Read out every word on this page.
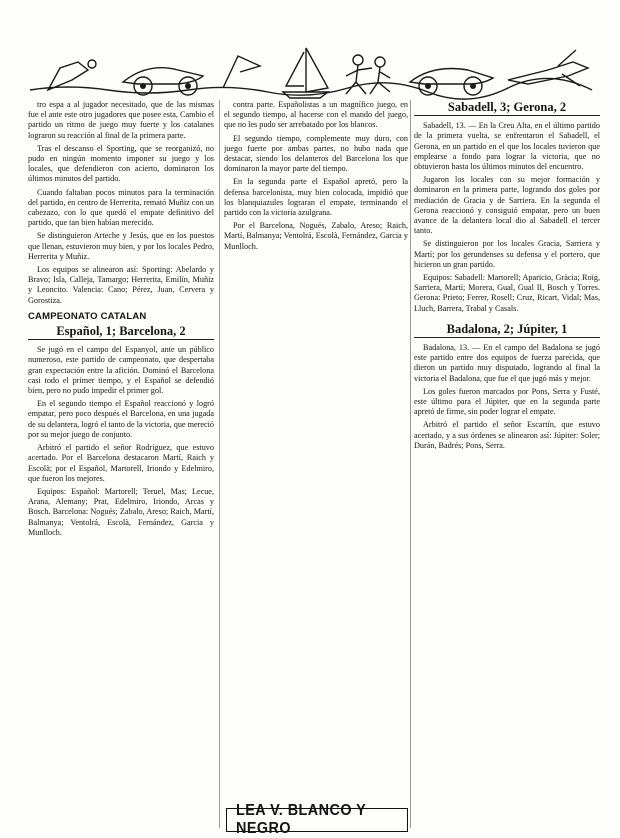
tro espa a al jugador necesitado, que de las mismas fue el ante este otro jugadores que posee esta, Cambio el partido un ritmo de juego muy fuerte y los catalanes lograron su reacción al final de la primera parte.

Tras el descanso el Sporting, que se reorganizó, no pudo en ningún momento imponer su juego y los locales, que defendieron con acierto, dominaron los últimos minutos del partido.

Cuando faltaban pocos minutos para la terminación del partido, en centro de Herrerita, remató Muñiz con un cabezazo, con lo que quedó el empate definitivo del partido, que tan bien habían merecido.

Se distinguieron Arteche y Jesús, que en los puestos que llenan, estuvieron muy bien, y por los locales Pedro, Herrerita y Muñiz.

Los equipos se alinearon así: Sporting: Abelardo y Bravo; Isla, Calleja, Tamargo; Herrerita, Emilín, Muñiz y Leoncito. Valencia: Cano; Pérez, Juan, Cervera y Gorostiza.

CAMPEONATO CATALAN
Español, 1; Barcelona, 2

Se jugó en el campo del Espanyol, ante un público numeroso, este partido de campeonato, que despertaba gran expectación entre la afición. Dominó el Barcelona casi todo el primer tiempo, y el Español se defendió bien, pero no pudo impedir el primer gol.

En el segundo tiempo el Español reaccionó y logró empatar, pero poco después el Barcelona, en una jugada de su delantera, logró el tanto de la victoria, que mereció por su mejor juego de conjunto.

Arbitró el partido el señor Rodríguez, que estuvo acertado. Por el Barcelona destacaron Martí, Raich y Escolà; por el Español, Martorell, Iriondo y Edelmiro, que fueron los mejores.

Equipos: Español: Martorell; Teruel, Mas; Lecue, Arana, Alemany; Prat, Edelmiro, Iriondo, Arcas y Bosch. Barcelona: Nogués; Zabalo, Areso; Raich, Martí, Balmanya; Ventolrá, Escolà, Fernández, Garcia y Munlloch.

contra parte. Españolistas a un magnífico juego, en el segundo tiempo, al hacerse con el mando del juego, que no les pudo ser arrebatado por los blancos.

El segundo tiempo, complemente muy duro, con juego fuerte por ambas partes, no hubo nada que destacar, siendo los delanteros del Barcelona los que dominaron la mayor parte del tiempo.

En la segunda parte el Español apretó, pero la defensa barcelonista, muy bien colocada, impidió que los blanquiazules lograran el empate, terminando el partido con la victoria azulgrana.

Por el Barcelona, Nogués, Zabalo, Areso; Raich, Martí, Balmanya; Ventolrá, Escolà, Fernández, Garcia y Munlloch.

LEA V. BLANCO Y NEGRO
Sabadell, 3; Gerona, 2

Sabadell, 13. — En la Creu Alta, en el último partido de la primera vuelta, se enfrentaron el Sabadell, el Gerona, en un partido en el que los locales tuvieron que emplearse a fondo para lograr la victoria, que no obtuvieron hasta los últimos minutos del encuentro.

Jugaron los locales con su mejor formación y dominaron en la primera parte, logrando dos goles por mediación de Gracia y de Sarriera. En la segunda el Gerona reaccionó y consiguió empatar, pero un buen avance de la delantera local dio al Sabadell el tercer tanto.

Se distinguieron por los locales Gracia, Sarriera y Martí; por los gerundenses su defensa y el portero, que hicieron un gran partido.

Equipos: Sabadell: Martorell; Aparicio, Gràcia; Roig, Sarriera, Martí; Morera, Gual, Gual II, Bosch y Torres. Gerona: Prieto; Ferrer, Rosell; Cruz, Ricart, Vidal; Mas, Lluch, Barrera, Trabal y Casals.

Badalona, 2; Júpiter, 1

Badalona, 13. — En el campo del Badalona se jugó este partido entre dos equipos de fuerza parecida, que dieron un partido muy disputado, logrando al final la victoria el Badalona, que fue el que jugó más y mejor.

Los goles fueron marcados por Pons, Serra y Fusté, este último para el Júpiter, que en la segunda parte apretó de firme, sin poder lograr el empate.

Arbitró el partido el señor Escartín, que estuvo acertado, y a sus órdenes se alinearon así: Júpiter: Soler; Durán, Badrés; Pons, Serra.
